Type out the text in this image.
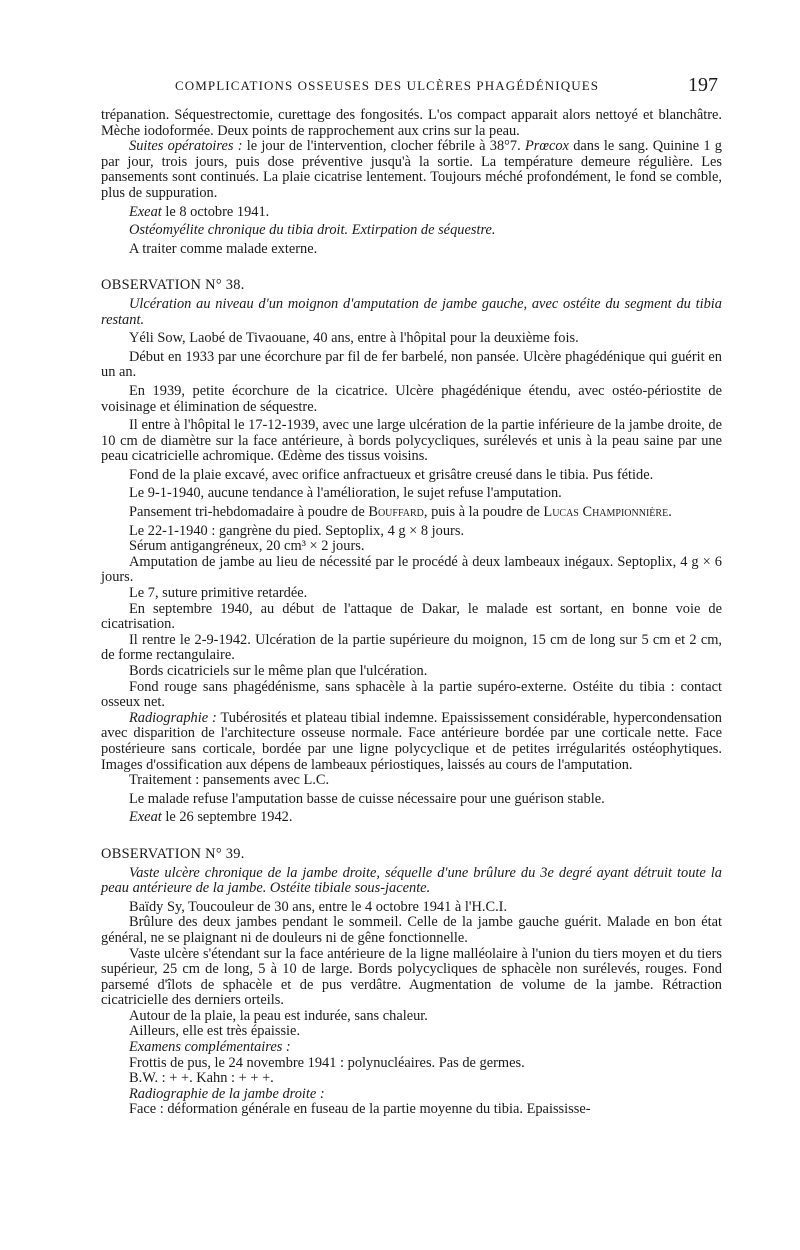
COMPLICATIONS OSSEUSES DES ULCÈRES PHAGÉDÉNIQUES	197

trépanation. Séquestrectomie, curettage des fongosités. L'os compact apparait alors nettoyé et blanchâtre. Mèche iodoformée. Deux points de rapprochement aux crins sur la peau.

Suites opératoires : le jour de l'intervention, clocher fébrile à 38°7. Prœcox dans le sang. Quinine 1 g par jour, trois jours, puis dose préventive jusqu'à la sortie. La température demeure régulière. Les pansements sont continués. La plaie cicatrise lentement. Toujours méché profondément, le fond se comble, plus de suppuration.

Exeat le 8 octobre 1941.

Ostéomyélite chronique du tibia droit. Extirpation de séquestre.

A traiter comme malade externe.

OBSERVATION N° 38.

Ulcération au niveau d'un moignon d'amputation de jambe gauche, avec ostéite du segment du tibia restant.

Yéli Sow, Laobé de Tivaouane, 40 ans, entre à l'hôpital pour la deuxième fois.

Début en 1933 par une écorchure par fil de fer barbelé, non pansée. Ulcère phagédénique qui guérit en un an.

En 1939, petite écorchure de la cicatrice. Ulcère phagédénique étendu, avec ostéo-périostite de voisinage et élimination de séquestre.

Il entre à l'hôpital le 17-12-1939, avec une large ulcération de la partie inférieure de la jambe droite, de 10 cm de diamètre sur la face antérieure, à bords polycycliques, surélevés et unis à la peau saine par une peau cicatricielle achromique. Œdème des tissus voisins.

Fond de la plaie excavé, avec orifice anfractueux et grisâtre creusé dans le tibia. Pus fétide.

Le 9-1-1940, aucune tendance à l'amélioration, le sujet refuse l'amputation.

Pansement tri-hebdomadaire à poudre de Bouffard, puis à la poudre de Lucas Championnière.

Le 22-1-1940 : gangrène du pied. Septoplix, 4 g × 8 jours.

Sérum antigangréneux, 20 cm³ × 2 jours.

Amputation de jambe au lieu de nécessité par le procédé à deux lambeaux inégaux. Septoplix, 4 g × 6 jours.

Le 7, suture primitive retardée.

En septembre 1940, au début de l'attaque de Dakar, le malade est sortant, en bonne voie de cicatrisation.

Il rentre le 2-9-1942. Ulcération de la partie supérieure du moignon, 15 cm de long sur 5 cm et 2 cm, de forme rectangulaire.

Bords cicatriciels sur le même plan que l'ulcération.

Fond rouge sans phagédénisme, sans sphacèle à la partie supéro-externe. Ostéite du tibia : contact osseux net.

Radiographie : Tubérosités et plateau tibial indemne. Epaississement considérable, hypercondensation avec disparition de l'architecture osseuse normale. Face antérieure bordée par une corticale nette. Face postérieure sans corticale, bordée par une ligne polycyclique et de petites irrégularités ostéophytiques. Images d'ossification aux dépens de lambeaux périostiques, laissés au cours de l'amputation.

Traitement : pansements avec L.C.

Le malade refuse l'amputation basse de cuisse nécessaire pour une guérison stable.

Exeat le 26 septembre 1942.

OBSERVATION N° 39.

Vaste ulcère chronique de la jambe droite, séquelle d'une brûlure du 3e degré ayant détruit toute la peau antérieure de la jambe. Ostéite tibiale sous-jacente.

Baïdy Sy, Toucouleur de 30 ans, entre le 4 octobre 1941 à l'H.C.I.

Brûlure des deux jambes pendant le sommeil. Celle de la jambe gauche guérit. Malade en bon état général, ne se plaignant ni de douleurs ni de gêne fonctionnelle.

Vaste ulcère s'étendant sur la face antérieure de la ligne malléolaire à l'union du tiers moyen et du tiers supérieur, 25 cm de long, 5 à 10 de large. Bords polycycliques de sphacèle non surélevés, rouges. Fond parsemé d'îlots de sphacèle et de pus verdâtre. Augmentation de volume de la jambe. Rétraction cicatricielle des derniers orteils.

Autour de la plaie, la peau est indurée, sans chaleur.

Ailleurs, elle est très épaissie.

Examens complémentaires :

Frottis de pus, le 24 novembre 1941 : polynucléaires. Pas de germes.

B.W. : + +. Kahn : + + +.

Radiographie de la jambe droite :

Face : déformation générale en fuseau de la partie moyenne du tibia. Epaississe-
